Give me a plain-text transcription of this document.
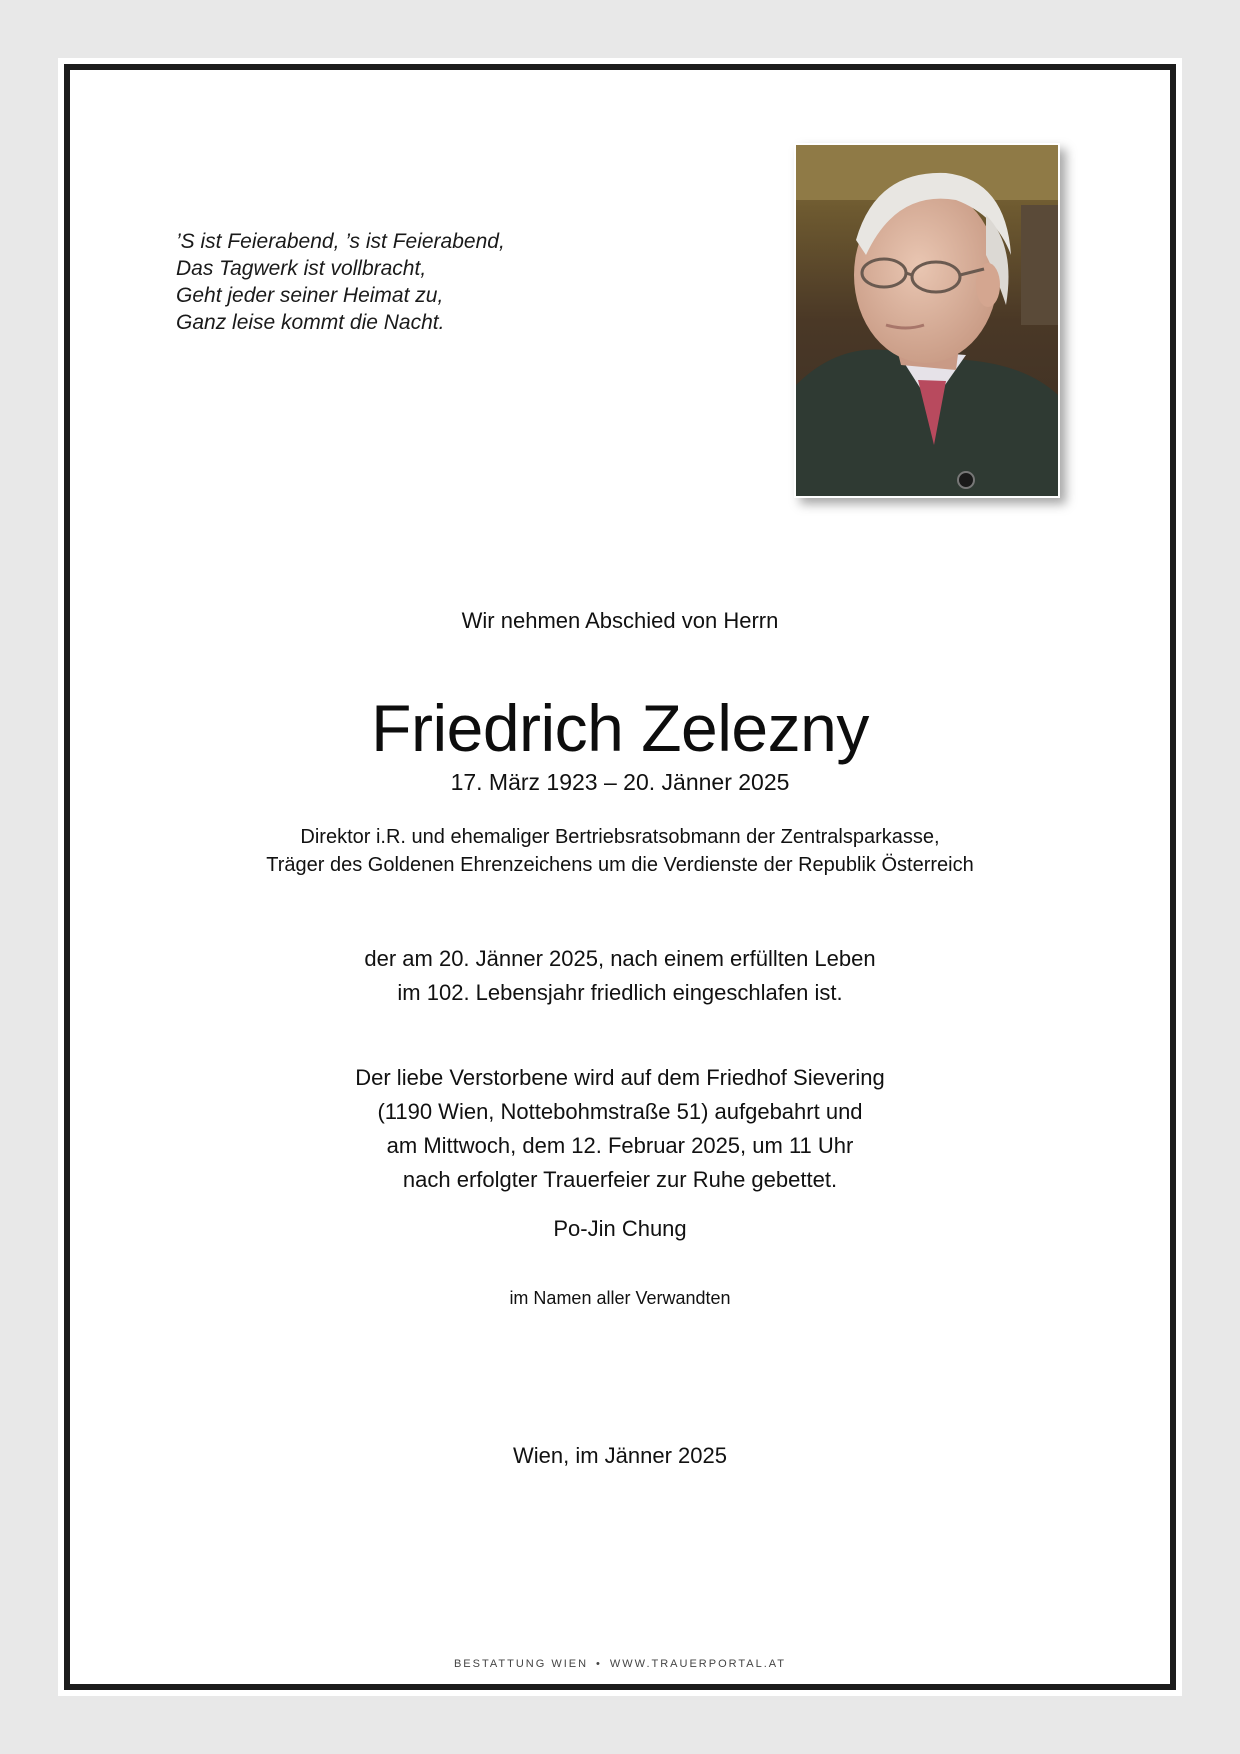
’S ist Feierabend, ’s ist Feierabend,
Das Tagwerk ist vollbracht,
Geht jeder seiner Heimat zu,
Ganz leise kommt die Nacht.
Wir nehmen Abschied von Herrn
Friedrich Zelezny
17. März 1923 – 20. Jänner 2025
Direktor i.R. und ehemaliger Bertriebsratsobmann der Zentralsparkasse,
Träger des Goldenen Ehrenzeichens um die Verdienste der Republik Österreich
der am 20. Jänner 2025, nach einem erfüllten Leben
im 102. Lebensjahr friedlich eingeschlafen ist.
Der liebe Verstorbene wird auf dem Friedhof Sievering
(1190 Wien, Nottebohmstraße 51) aufgebahrt und
am Mittwoch, dem 12. Februar 2025, um 11 Uhr
nach erfolgter Trauerfeier zur Ruhe gebettet.
Po-Jin Chung
im Namen aller Verwandten
Wien, im Jänner 2025
BESTATTUNG WIEN • WWW.TRAUERPORTAL.AT
